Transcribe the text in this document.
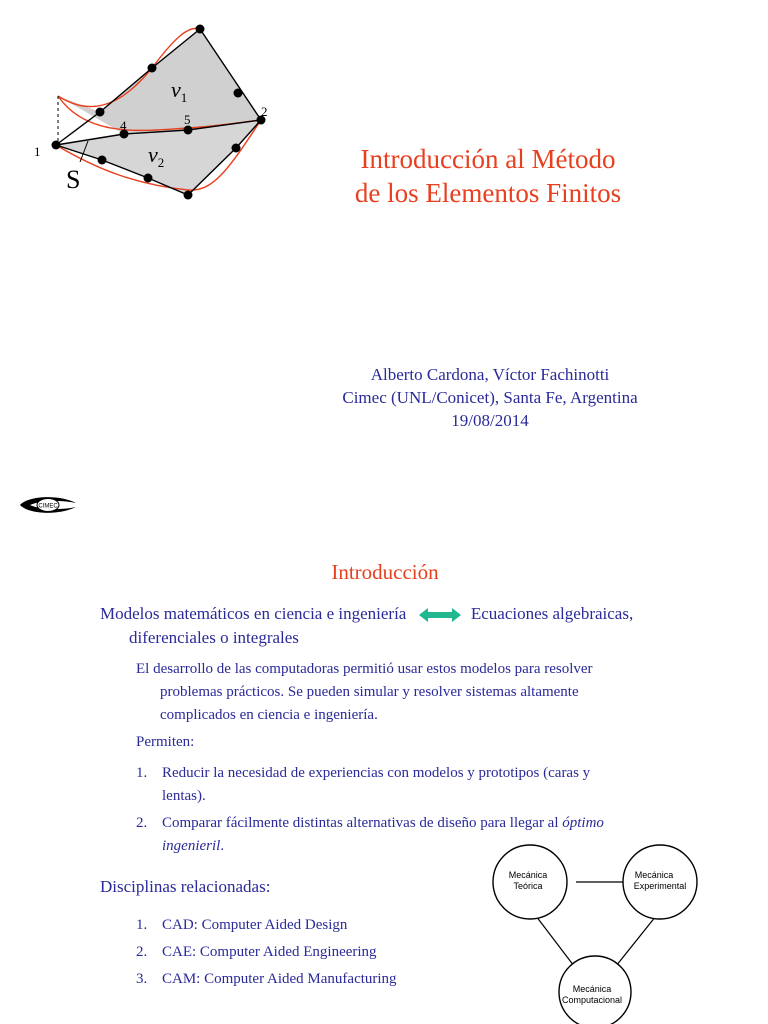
$v_1$
$v_2$
S
1
2
4	5
Introducción al Método
de los Elementos Finitos
Alberto Cardona, Víctor Fachinotti
Cimec (UNL/Conicet), Santa Fe, Argentina
19/08/2014
CIMEC
Introducción
Modelos matemáticos en ciencia e ingeniería	Ecuaciones algebraicas,
diferenciales o integrales
El desarrollo de las computadoras permitió usar estos modelos para resolver
problemas prácticos. Se pueden simular y resolver sistemas altamente
complicados en ciencia e ingeniería.
Permiten:
1. Reducir la necesidad de experiencias con modelos y prototipos (caras y
lentas).
2. Comparar fácilmente distintas alternativas de diseño para llegar al óptimo
ingenieril.
Disciplinas relacionadas:
1. CAD: Computer Aided Design
2. CAE: Computer Aided Engineering
3. CAM: Computer Aided Manufacturing
Mecánica
Teórica
Mecánica
Experimental
Mecánica
Computacional
